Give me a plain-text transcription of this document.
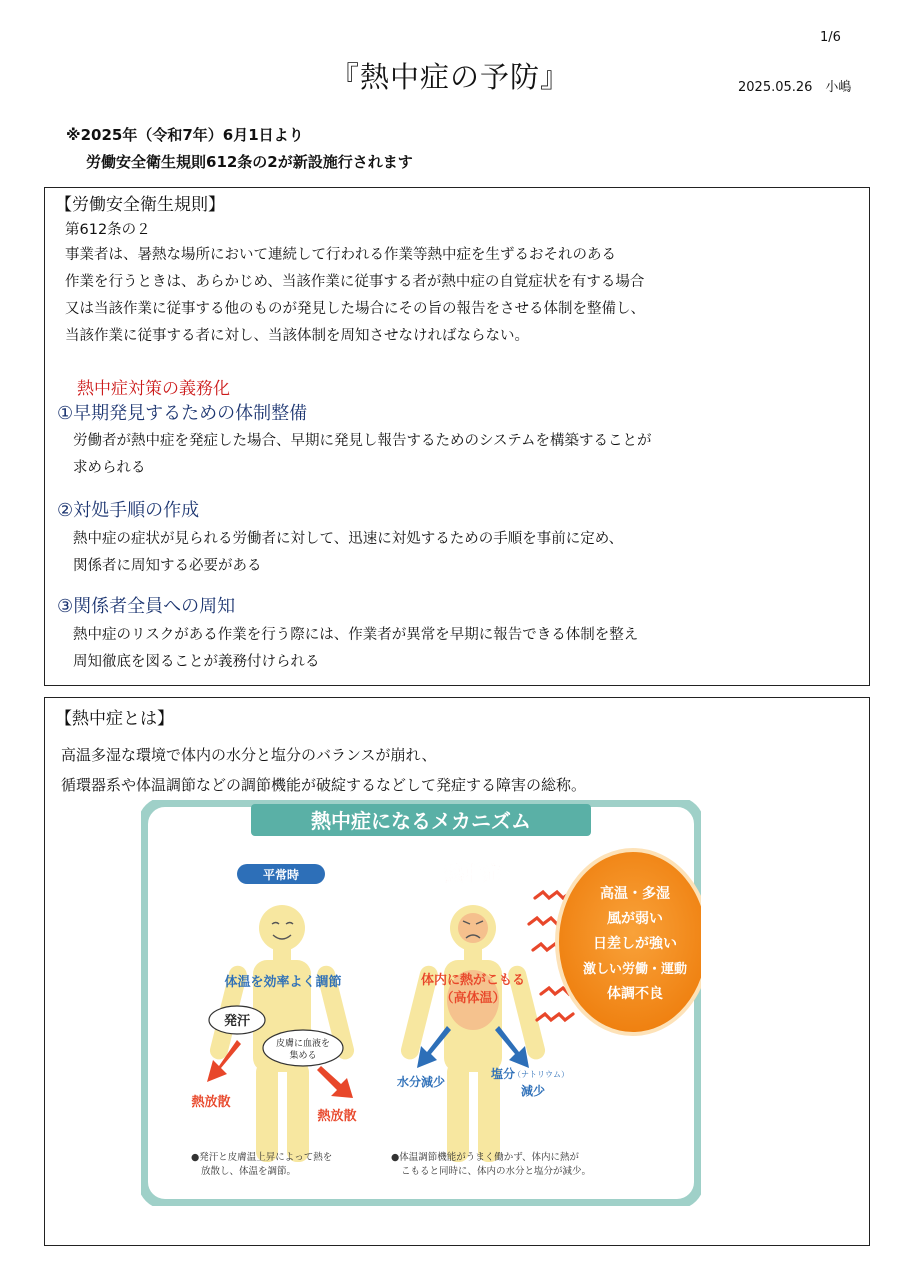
1/6
『熱中症の予防』	2025.05.26　小嶋
※2025年（令和7年）6月1日より
労働安全衛生規則612条の2が新設施行されます
【労働安全衛生規則】
第612条の２
事業者は、暑熱な場所において連続して行われる作業等熱中症を生ずるおそれのある
作業を行うときは、あらかじめ、当該作業に従事する者が熱中症の自覚症状を有する場合
又は当該作業に従事する他のものが発見した場合にその旨の報告をさせる体制を整備し、
当該作業に従事する者に対し、当該体制を周知させなければならない。
熱中症対策の義務化
①早期発見するための体制整備
労働者が熱中症を発症した場合、早期に発見し報告するためのシステムを構築することが
求められる
②対処手順の作成
熱中症の症状が見られる労働者に対して、迅速に対処するための手順を事前に定め、
関係者に周知する必要がある
③関係者全員への周知
熱中症のリスクがある作業を行う際には、作業者が異常を早期に報告できる体制を整え
周知徹底を図ることが義務付けられる
【熱中症とは】
高温多湿な環境で体内の水分と塩分のバランスが崩れ、
循環器系や体温調節などの調節機能が破綻するなどして発症する障害の総称。
熱中症になるメカニズム
平常時
体温を効率よく調節
発汗
皮膚に血液を
集める
熱放散
熱放散
熱中症
体内に熱がこもる
（高体温）
水分減少
塩分
（ナトリウム）
減少
高温・多湿
風が弱い
日差しが強い
激しい労働・運動
体調不良
●発汗と皮膚温上昇によって熱を
放散し、体温を調節。
●体温調節機能がうまく働かず、体内に熱が
こもると同時に、体内の水分と塩分が減少。
